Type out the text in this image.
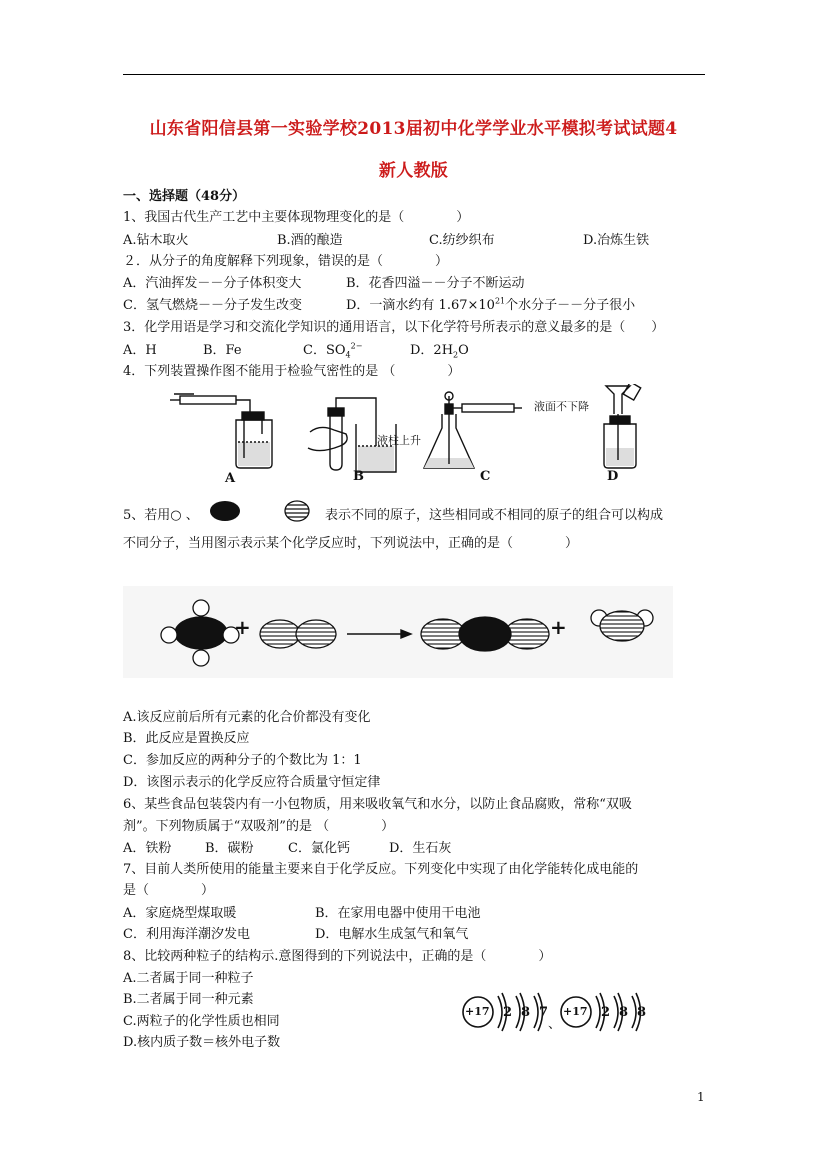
山东省阳信县第一实验学校2013届初中化学学业水平模拟考试试题4
新人教版
一、选择题（48分）
1、我国古代生产工艺中主要体现物理变化的是（　　　　）
A.钻木取火	B.酒的酿造	C.纺纱织布	D.冶炼生铁
２．从分子的角度解释下列现象，错误的是（　　　　）
A．汽油挥发－－分子体积变大	B．花香四溢－－分子不断运动
C．氢气燃烧－－分子发生改变	D．一滴水约有 $1.67\times 10^{21}$个水分子－－分子很小
3．化学用语是学习和交流化学知识的通用语言，以下化学符号所表示的意义最多的是（　　）
A．H	B．Fe	C．$SO_4^{2-}$	D．$2H_2O$
4．下列装置操作图不能用于检验气密性的是 （　　　　）
液柱上升
液面不下降
A	B	C	D
5、若用○ 、	表示不同的原子，这些相同或不相同的原子的组合可以构成
不同分子，当用图示表示某个化学反应时，下列说法中，正确的是（　　　　）
+	+
A.该反应前后所有元素的化合价都没有变化
B．此反应是置换反应
C．参加反应的两种分子的个数比为 1：1
D．该图示表示的化学反应符合质量守恒定律
6、某些食品包装袋内有一小包物质，用来吸收氧气和水分，以防止食品腐败，常称“双吸
剂”。下列物质属于“双吸剂”的是 （　　　　）
A．铁粉	B．碳粉	C．氯化钙	D．生石灰
7、目前人类所使用的能量主要来自于化学反应。下列变化中实现了由化学能转化成电能的
是（　　　　）
A．家庭烧型煤取暖	B．在家用电器中使用干电池
C．利用海洋潮汐发电	D．电解水生成氢气和氧气
8、比较两种粒子的结构示.意图得到的下列说法中，正确的是（　　　　）
A.二者属于同一种粒子
B.二者属于同一种元素
C.两粒子的化学性质也相同
D.核内质子数＝核外电子数
+17 2 8 7
、
+17 2 8 8
1
